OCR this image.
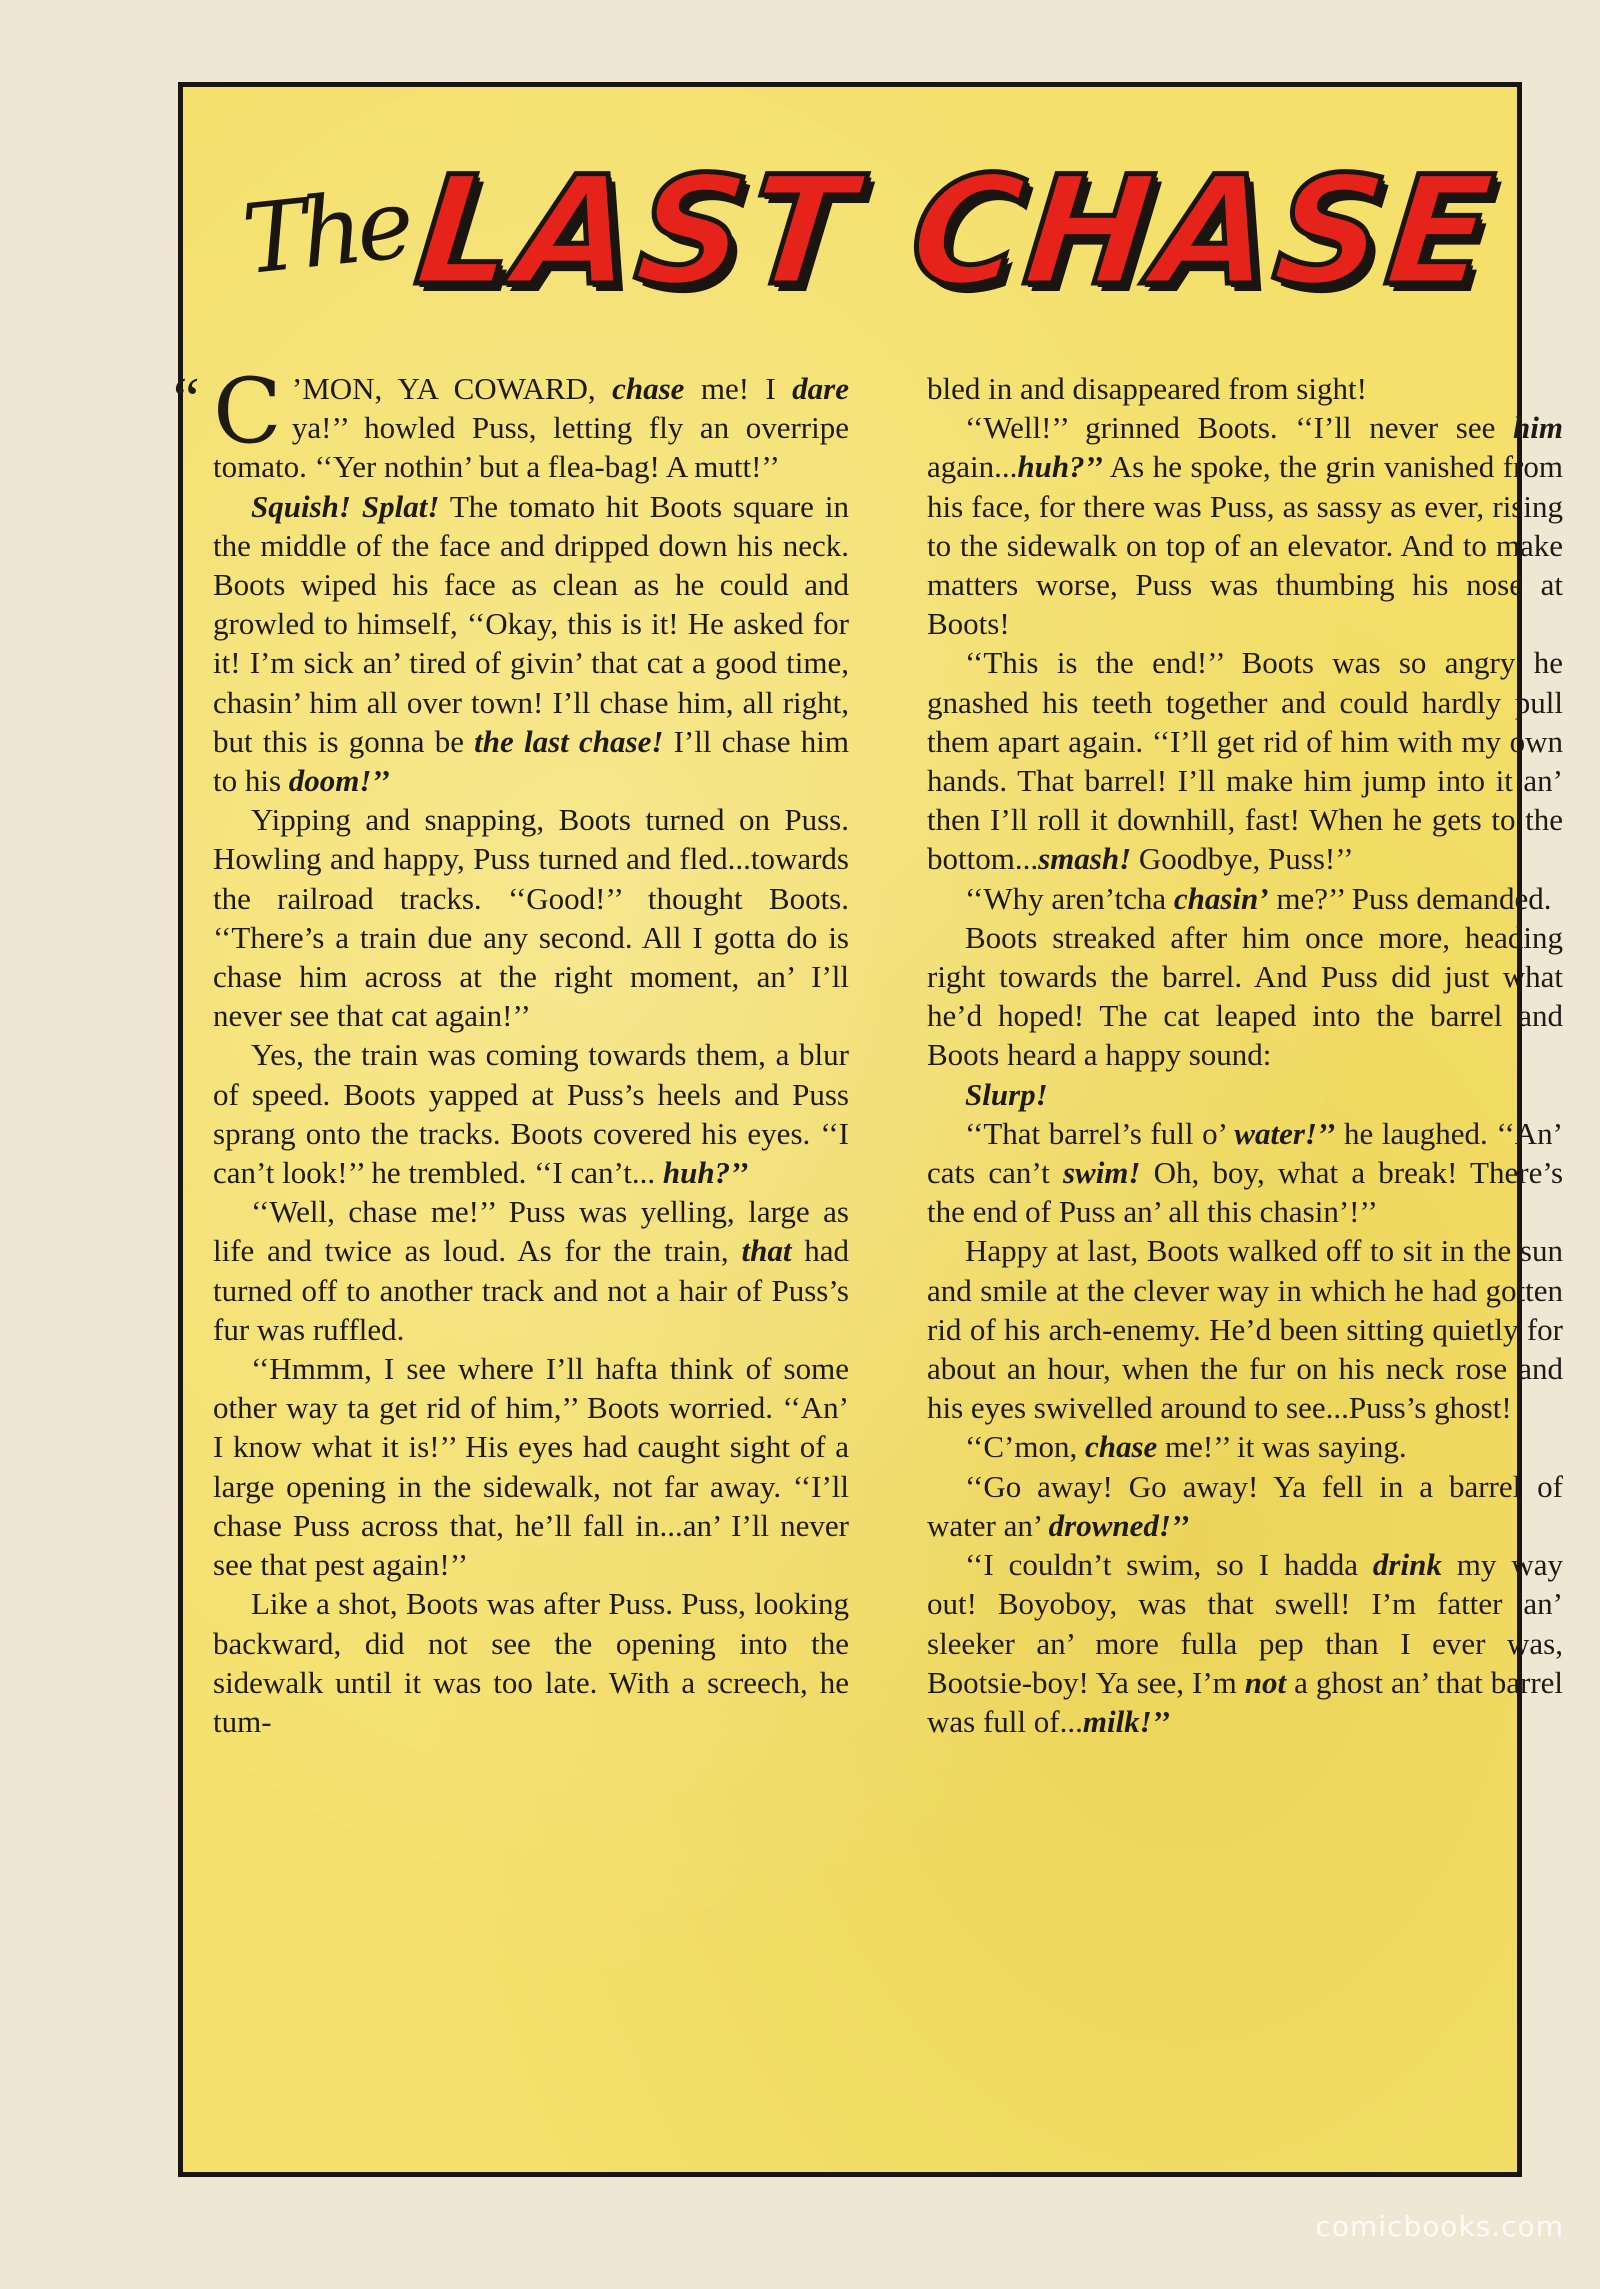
The
LAST CHASE
“ C ’MON, YA COWARD, chase me! I dare ya!’’ howled Puss, letting fly an overripe tomato. ‘‘Yer nothin’ but a flea-bag! A mutt!’’

Squish! Splat! The tomato hit Boots square in the middle of the face and dripped down his neck. Boots wiped his face as clean as he could and growled to himself, ‘‘Okay, this is it! He asked for it! I’m sick an’ tired of givin’ that cat a good time, chasin’ him all over town! I’ll chase him, all right, but this is gonna be the last chase! I’ll chase him to his doom!’’

Yipping and snapping, Boots turned on Puss. Howling and happy, Puss turned and fled...towards the railroad tracks. ‘‘Good!’’ thought Boots. ‘‘There’s a train due any second. All I gotta do is chase him across at the right moment, an’ I’ll never see that cat again!’’

Yes, the train was coming towards them, a blur of speed. Boots yapped at Puss’s heels and Puss sprang onto the tracks. Boots covered his eyes. ‘‘I can’t look!’’ he trembled. ‘‘I can’t... huh?’’

‘‘Well, chase me!’’ Puss was yelling, large as life and twice as loud. As for the train, that had turned off to another track and not a hair of Puss’s fur was ruffled.

‘‘Hmmm, I see where I’ll hafta think of some other way ta get rid of him,’’ Boots worried. ‘‘An’ I know what it is!’’ His eyes had caught sight of a large opening in the sidewalk, not far away. ‘‘I’ll chase Puss across that, he’ll fall in...an’ I’ll never see that pest again!’’

Like a shot, Boots was after Puss. Puss, looking backward, did not see the opening into the sidewalk until it was too late. With a screech, he tum-

bled in and disappeared from sight!

‘‘Well!’’ grinned Boots. ‘‘I’ll never see him again...huh?’’ As he spoke, the grin vanished from his face, for there was Puss, as sassy as ever, rising to the sidewalk on top of an elevator. And to make matters worse, Puss was thumbing his nose at Boots!

‘‘This is the end!’’ Boots was so angry he gnashed his teeth together and could hardly pull them apart again. ‘‘I’ll get rid of him with my own hands. That barrel! I’ll make him jump into it an’ then I’ll roll it downhill, fast! When he gets to the bottom...smash! Goodbye, Puss!’’

‘‘Why aren’tcha chasin’ me?’’ Puss demanded.

Boots streaked after him once more, heading right towards the barrel. And Puss did just what he’d hoped! The cat leaped into the barrel and Boots heard a happy sound:

Slurp!

‘‘That barrel’s full o’ water!’’ he laughed. ‘‘An’ cats can’t swim! Oh, boy, what a break! There’s the end of Puss an’ all this chasin’!’’

Happy at last, Boots walked off to sit in the sun and smile at the clever way in which he had gotten rid of his arch-enemy. He’d been sitting quietly for about an hour, when the fur on his neck rose and his eyes swivelled around to see...Puss’s ghost!

‘‘C’mon, chase me!’’ it was saying.

‘‘Go away! Go away! Ya fell in a barrel of water an’ drowned!’’

‘‘I couldn’t swim, so I hadda drink my way out! Boyoboy, was that swell! I’m fatter an’ sleeker an’ more fulla pep than I ever was, Bootsie-boy! Ya see, I’m not a ghost an’ that barrel was full of...milk!’’

comicbooks.com
